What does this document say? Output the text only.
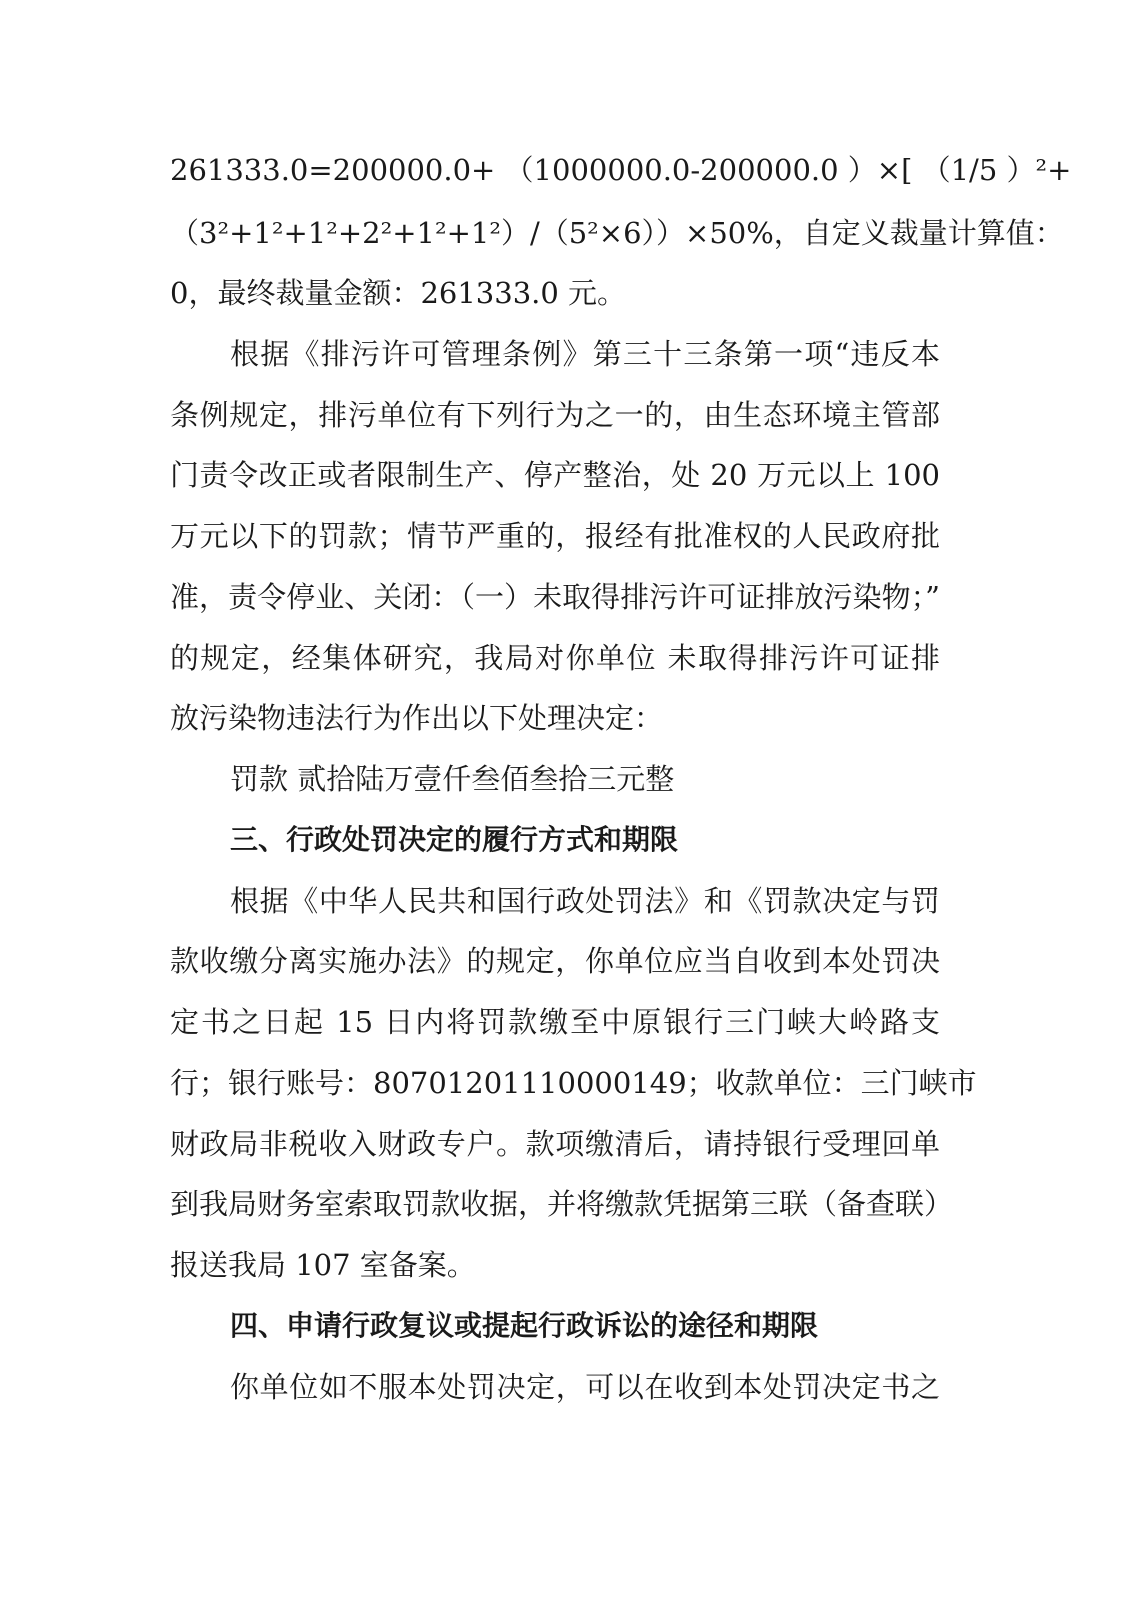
261333.0=200000.0+ （1000000.0-200000.0 ）×[ （1/5 ）²+
（3²+1²+1²+2²+1²+1²）/（5²×6））×50%，自定义裁量计算值：
0，最终裁量金额：261333.0 元。
根据《排污许可管理条例》第三十三条第一项“违反本
条例规定，排污单位有下列行为之一的，由生态环境主管部
门责令改正或者限制生产、停产整治，处 20 万元以上 100
万元以下的罚款；情节严重的，报经有批准权的人民政府批
准，责令停业、关闭：（一）未取得排污许可证排放污染物；”
的规定，经集体研究，我局对你单位 未取得排污许可证排
放污染物违法行为作出以下处理决定：
罚款 贰拾陆万壹仟叁佰叁拾三元整
三、行政处罚决定的履行方式和期限
根据《中华人民共和国行政处罚法》和《罚款决定与罚
款收缴分离实施办法》的规定，你单位应当自收到本处罚决
定书之日起 15 日内将罚款缴至中原银行三门峡大岭路支
行；银行账号：80701201110000149；收款单位：三门峡市
财政局非税收入财政专户。款项缴清后，请持银行受理回单
到我局财务室索取罚款收据，并将缴款凭据第三联（备查联）
报送我局 107 室备案。
四、申请行政复议或提起行政诉讼的途径和期限
你单位如不服本处罚决定，可以在收到本处罚决定书之
